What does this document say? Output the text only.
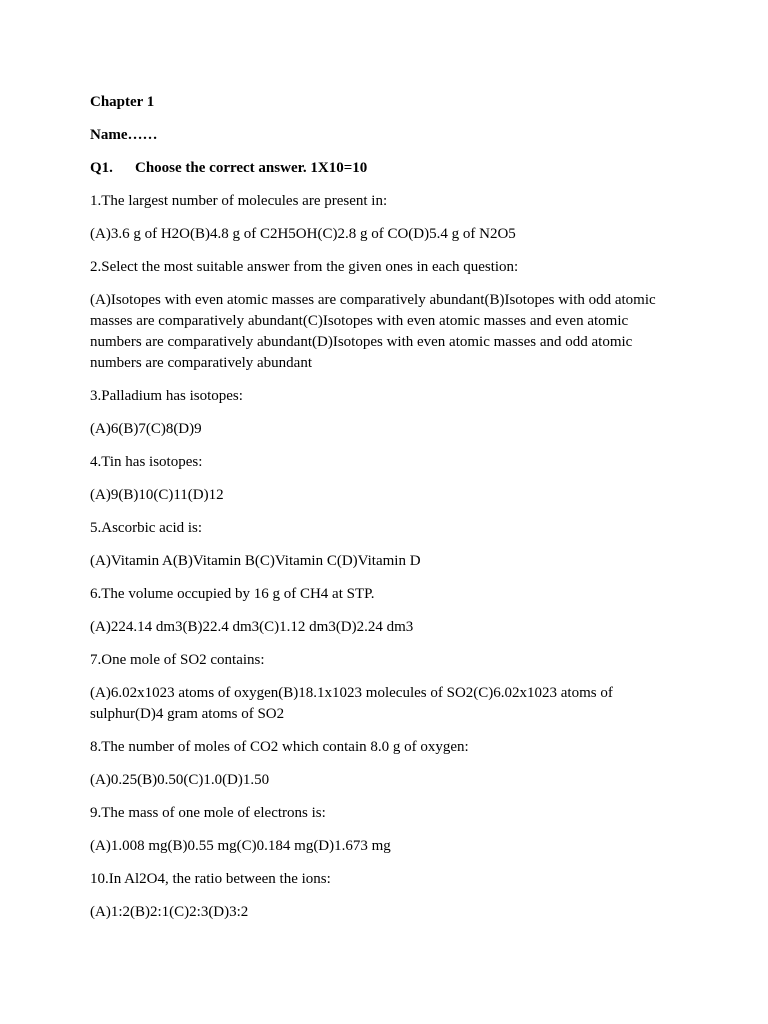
Chapter 1

Name……

Q1. Choose the correct answer. 1X10=10

1.The largest number of molecules are present in:

(A)3.6 g of H2O(B)4.8 g of C2H5OH(C)2.8 g of CO(D)5.4 g of N2O5

2.Select the most suitable answer from the given ones in each question:

(A)Isotopes with even atomic masses are comparatively abundant(B)Isotopes with odd atomic masses are comparatively abundant(C)Isotopes with even atomic masses and even atomic numbers are comparatively abundant(D)Isotopes with even atomic masses and odd atomic numbers are comparatively abundant

3.Palladium has isotopes:

(A)6(B)7(C)8(D)9

4.Tin has isotopes:

(A)9(B)10(C)11(D)12

5.Ascorbic acid is:

(A)Vitamin A(B)Vitamin B(C)Vitamin C(D)Vitamin D

6.The volume occupied by 16 g of CH4 at STP.

(A)224.14 dm3(B)22.4 dm3(C)1.12 dm3(D)2.24 dm3

7.One mole of SO2 contains:

(A)6.02x1023 atoms of oxygen(B)18.1x1023 molecules of SO2(C)6.02x1023 atoms of sulphur(D)4 gram atoms of SO2

8.The number of moles of CO2 which contain 8.0 g of oxygen:

(A)0.25(B)0.50(C)1.0(D)1.50

9.The mass of one mole of electrons is:

(A)1.008 mg(B)0.55 mg(C)0.184 mg(D)1.673 mg

10.In Al2O4, the ratio between the ions:

(A)1:2(B)2:1(C)2:3(D)3:2
